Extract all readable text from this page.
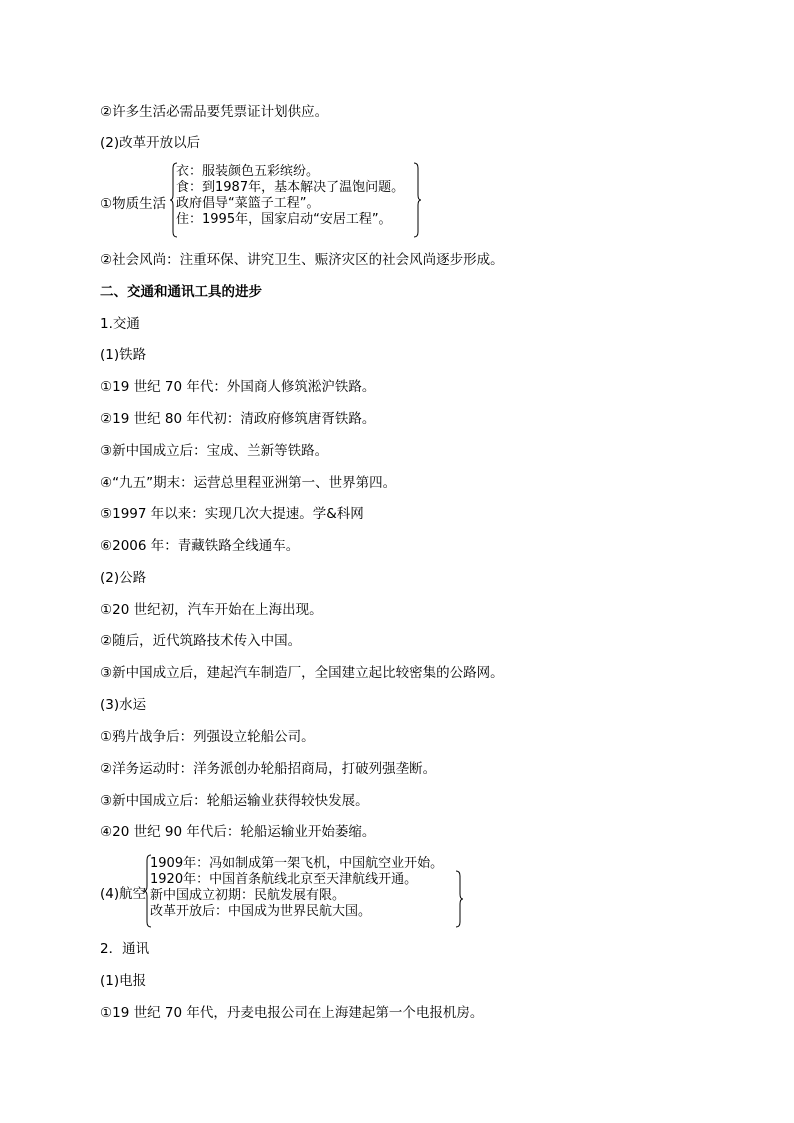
②许多生活必需品要凭票证计划供应。
(2)改革开放以后
①物质生活
衣：服装颜色五彩缤纷。
食：到1987年，基本解决了温饱问题。
政府倡导“菜篮子工程”。
住：1995年，国家启动“安居工程”。
②社会风尚：注重环保、讲究卫生、赈济灾区的社会风尚逐步形成。
二、交通和通讯工具的进步
1.交通
(1)铁路
①19 世纪 70 年代：外国商人修筑淞沪铁路。
②19 世纪 80 年代初：清政府修筑唐胥铁路。
③新中国成立后：宝成、兰新等铁路。
④“九五”期末：运营总里程亚洲第一、世界第四。
⑤1997 年以来：实现几次大提速。学&科网
⑥2006 年：青藏铁路全线通车。
(2)公路
①20 世纪初，汽车开始在上海出现。
②随后，近代筑路技术传入中国。
③新中国成立后，建起汽车制造厂，全国建立起比较密集的公路网。
(3)水运
①鸦片战争后：列强设立轮船公司。
②洋务运动时：洋务派创办轮船招商局，打破列强垄断。
③新中国成立后：轮船运输业获得较快发展。
④20 世纪 90 年代后：轮船运输业开始萎缩。
(4)航空
1909年：冯如制成第一架飞机，中国航空业开始。
1920年：中国首条航线北京至天津航线开通。
新中国成立初期：民航发展有限。
改革开放后：中国成为世界民航大国。
2．通讯
(1)电报
①19 世纪 70 年代，丹麦电报公司在上海建起第一个电报机房。
